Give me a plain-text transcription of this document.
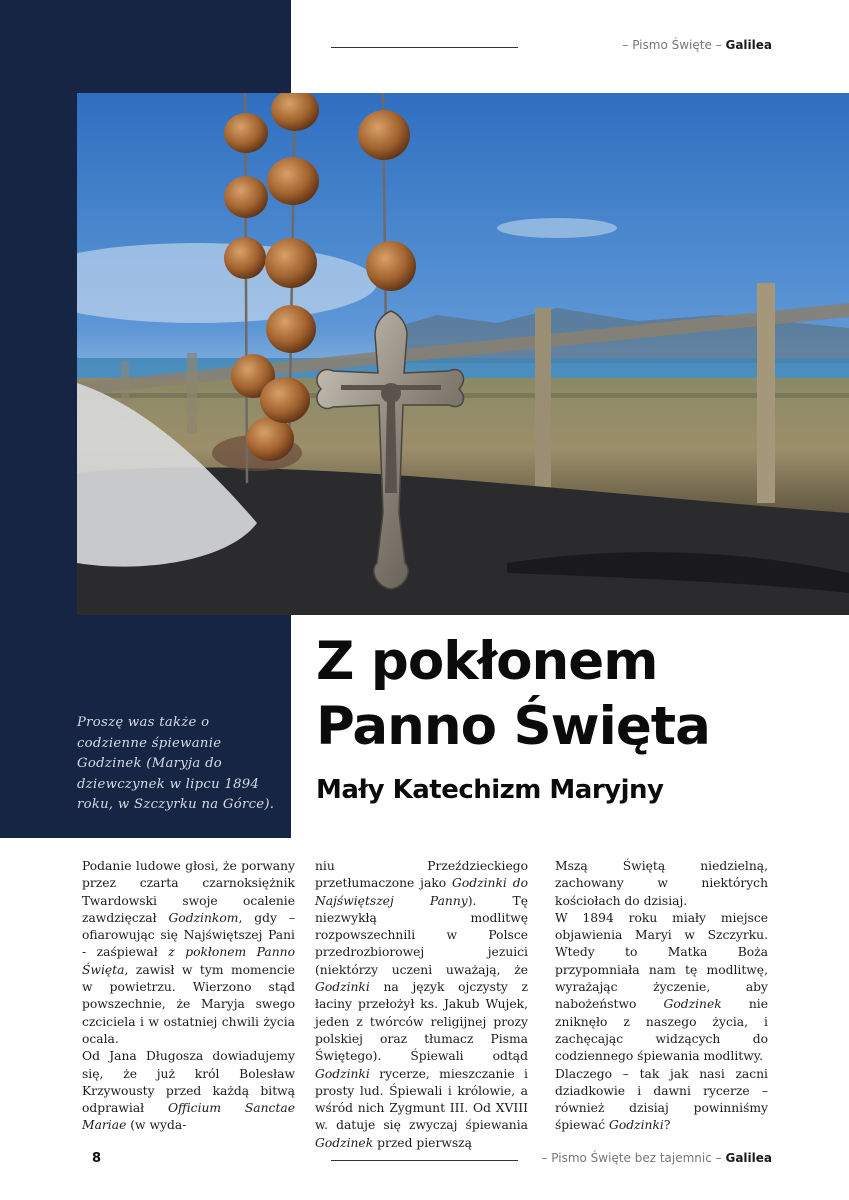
– Pismo Święte – Galilea
Proszę was także o codzienne śpiewanie Godzinek (Maryja do dziewczynek w lipcu 1894 roku, w Szczyrku na Górce).
Z pokłonem
Panno Święta
Mały Katechizm Maryjny

Podanie ludowe głosi, że porwany przez czarta czarnoksiężnik Twardowski swoje ocalenie zawdzięczał Godzinkom, gdy – ofiarowując się Najświętszej Pani - zaśpiewał z pokłonem Panno Święta, zawisł w tym momencie w powietrzu. Wierzono stąd powszechnie, że Maryja swego czciciela i w ostatniej chwili życia ocala.

Od Jana Długosza dowiadujemy się, że już król Bolesław Krzywousty przed każdą bitwą odprawiał Officium Sanctae Mariae (w wyda-

niu Przeździeckiego przetłumaczone jako Godzinki do Najświętszej Panny). Tę niezwykłą modlitwę rozpowszechnili w Polsce przedrozbiorowej jezuici (niektórzy uczeni uważają, że Godzinki na język ojczysty z łaciny przełożył ks. Jakub Wujek, jeden z twórców religijnej prozy polskiej oraz tłumacz Pisma Świętego). Śpiewali odtąd Godzinki rycerze, mieszczanie i prosty lud. Śpiewali i królowie, a wśród nich Zygmunt III. Od XVIII w. datuje się zwyczaj śpiewania Godzinek przed pierwszą

Mszą Świętą niedzielną, zachowany w niektórych kościołach do dzisiaj.

W 1894 roku miały miejsce objawienia Maryi w Szczyrku. Wtedy to Matka Boża przypomniała nam tę modlitwę, wyrażając życzenie, aby nabożeństwo Godzinek nie zniknęło z naszego życia, i zachęcając widzących do codziennego śpiewania modlitwy.

Dlaczego – tak jak nasi zacni dziadkowie i dawni rycerze – również dzisiaj powinniśmy śpiewać Godzinki?

8	– Pismo Święte bez tajemnic – Galilea
